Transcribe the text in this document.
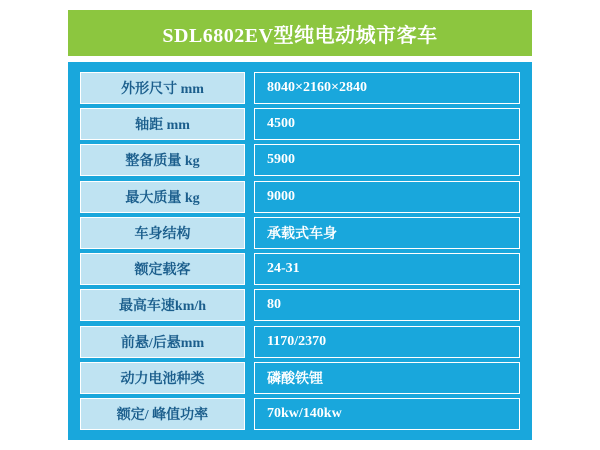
SDL6802EV型纯电动城市客车
外形尺寸 mm	8040×2160×2840
轴距 mm	4500
整备质量 kg	5900
最大质量 kg	9000
车身结构	承载式车身
额定载客	24-31
最高车速km/h	80
前悬/后悬mm	1170/2370
动力电池种类	磷酸铁锂
额定/ 峰值功率	70kw/140kw
